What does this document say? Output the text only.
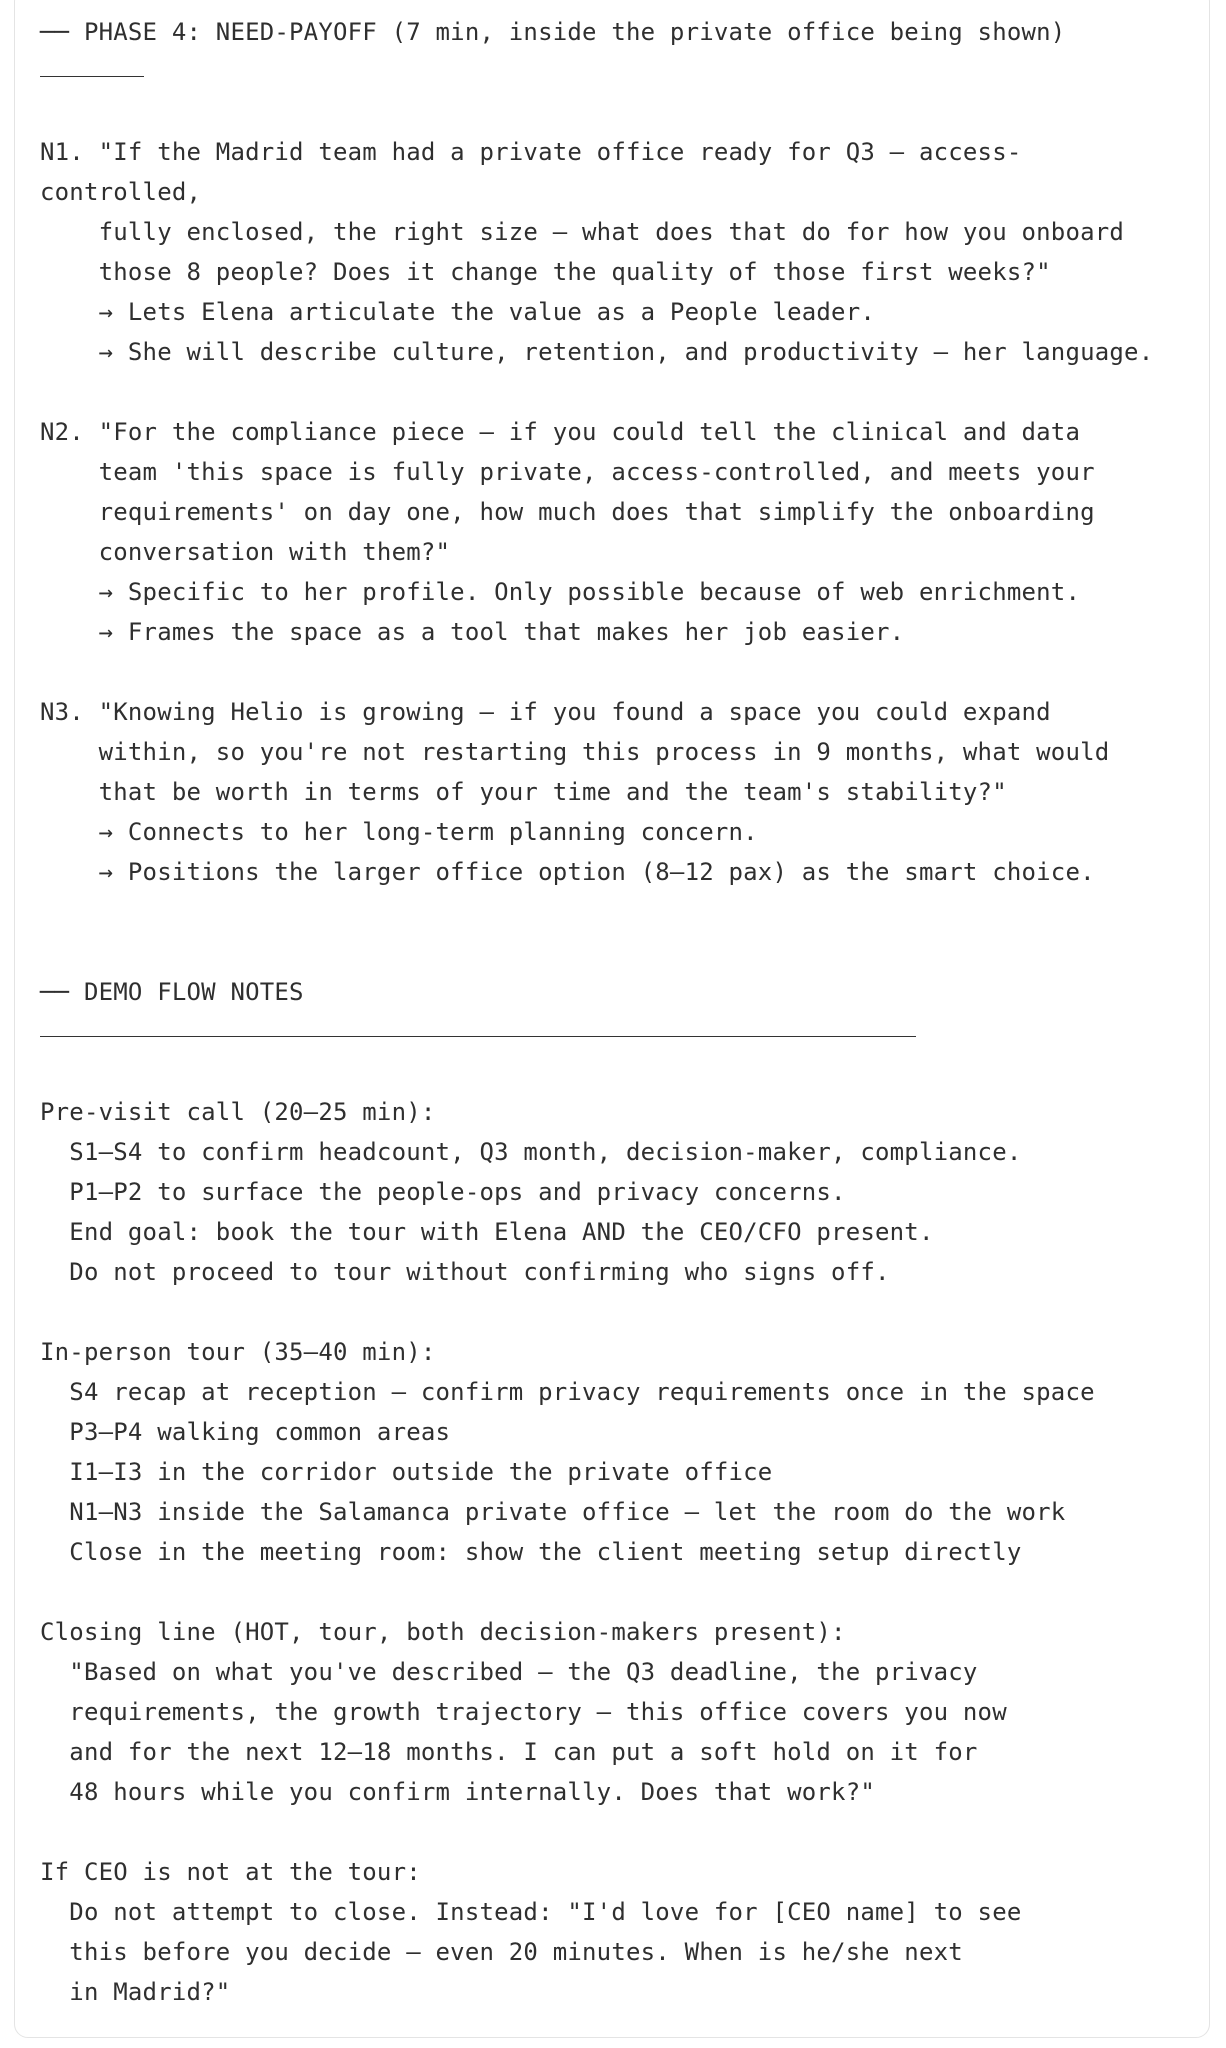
── PHASE 4: NEED-PAYOFF (7 min, inside the private office being shown)
N1. "If the Madrid team had a private office ready for Q3 — access-
controlled,
fully enclosed, the right size — what does that do for how you onboard
those 8 people? Does it change the quality of those first weeks?"
→ Lets Elena articulate the value as a People leader.
→ She will describe culture, retention, and productivity — her language.
N2. "For the compliance piece — if you could tell the clinical and data
team 'this space is fully private, access-controlled, and meets your
requirements' on day one, how much does that simplify the onboarding
conversation with them?"
→ Specific to her profile. Only possible because of web enrichment.
→ Frames the space as a tool that makes her job easier.
N3. "Knowing Helio is growing — if you found a space you could expand
within, so you're not restarting this process in 9 months, what would
that be worth in terms of your time and the team's stability?"
→ Connects to her long-term planning concern.
→ Positions the larger office option (8–12 pax) as the smart choice.
── DEMO FLOW NOTES
Pre-visit call (20–25 min):
S1–S4 to confirm headcount, Q3 month, decision-maker, compliance.
P1–P2 to surface the people-ops and privacy concerns.
End goal: book the tour with Elena AND the CEO/CFO present.
Do not proceed to tour without confirming who signs off.
In-person tour (35–40 min):
S4 recap at reception — confirm privacy requirements once in the space
P3–P4 walking common areas
I1–I3 in the corridor outside the private office
N1–N3 inside the Salamanca private office — let the room do the work
Close in the meeting room: show the client meeting setup directly
Closing line (HOT, tour, both decision-makers present):
"Based on what you've described — the Q3 deadline, the privacy
requirements, the growth trajectory — this office covers you now
and for the next 12–18 months. I can put a soft hold on it for
48 hours while you confirm internally. Does that work?"
If CEO is not at the tour:
Do not attempt to close. Instead: "I'd love for [CEO name] to see
this before you decide — even 20 minutes. When is he/she next
in Madrid?"
